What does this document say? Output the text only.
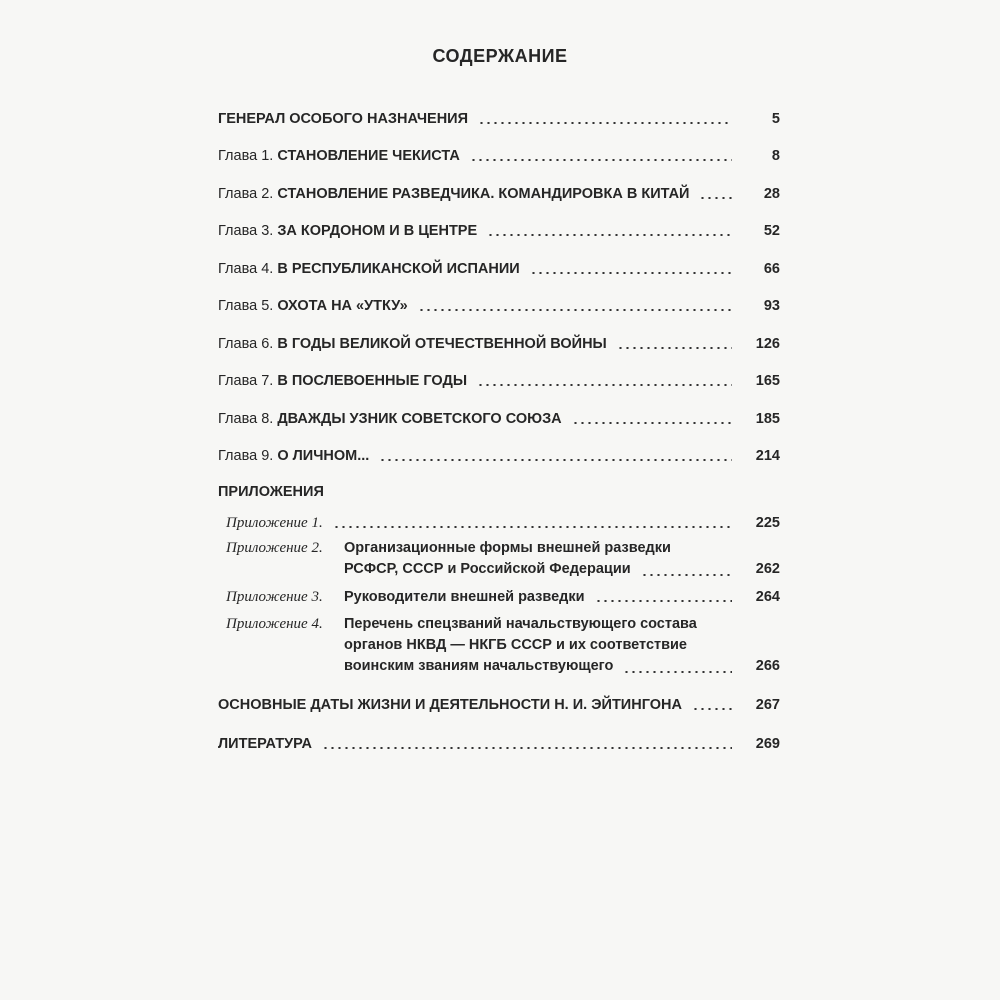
СОДЕРЖАНИЕ
ГЕНЕРАЛ ОСОБОГО НАЗНАЧЕНИЯ	5
Глава 1. СТАНОВЛЕНИЕ ЧЕКИСТА	8
Глава 2. СТАНОВЛЕНИЕ РАЗВЕДЧИКА. КОМАНДИРОВКА В КИТАЙ	28
Глава 3. ЗА КОРДОНОМ И В ЦЕНТРЕ	52
Глава 4. В РЕСПУБЛИКАНСКОЙ ИСПАНИИ	66
Глава 5. ОХОТА НА «УТКУ»	93
Глава 6. В ГОДЫ ВЕЛИКОЙ ОТЕЧЕСТВЕННОЙ ВОЙНЫ	126
Глава 7. В ПОСЛЕВОЕННЫЕ ГОДЫ	165
Глава 8. ДВАЖДЫ УЗНИК СОВЕТСКОГО СОЮЗА	185
Глава 9. О ЛИЧНОМ...	214
ПРИЛОЖЕНИЯ
Приложение 1.	225
Приложение 2.	Организационные формы внешней разведки
РСФСР, СССР и Российской Федерации	262
Приложение 3.	Руководители внешней разведки	264
Приложение 4.	Перечень спецзваний начальствующего состава
органов НКВД — НКГБ СССР и их соответствие
воинским званиям начальствующего	266
ОСНОВНЫЕ ДАТЫ ЖИЗНИ И ДЕЯТЕЛЬНОСТИ Н. И. ЭЙТИНГОНА	267
ЛИТЕРАТУРА	269
